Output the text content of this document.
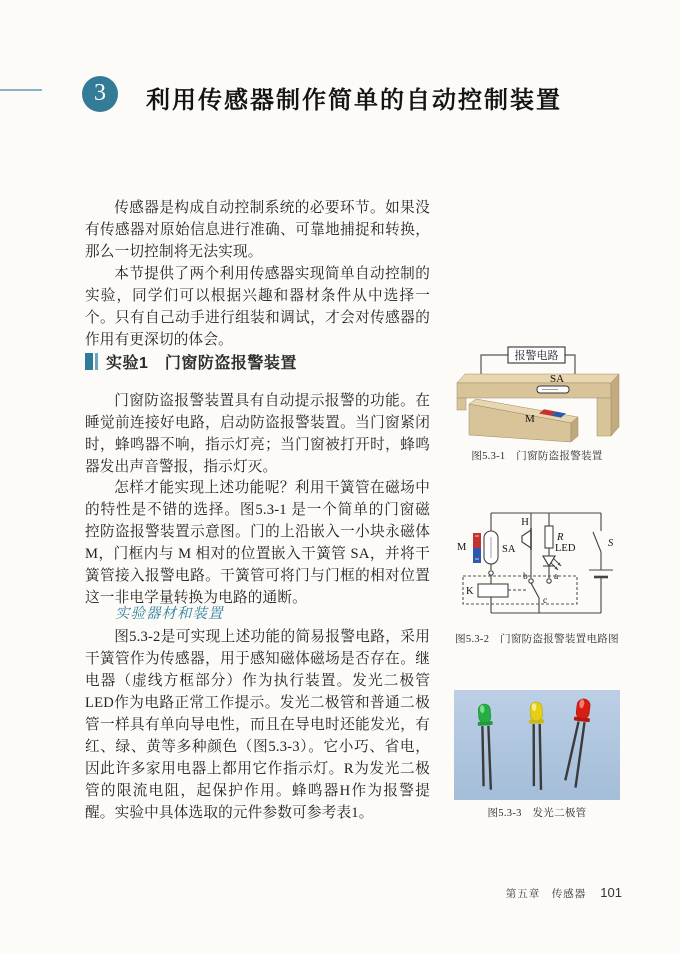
3	利用传感器制作简单的自动控制装置

传感器是构成自动控制系统的必要环节。如果没有传感器对原始信息进行准确、可靠地捕捉和转换，那么一切控制将无法实现。

本节提供了两个利用传感器实现简单自动控制的实验，同学们可以根据兴趣和器材条件从中选择一个。只有自己动手进行组装和调试，才会对传感器的作用有更深切的体会。

实验1　门窗防盗报警装置

门窗防盗报警装置具有自动提示报警的功能。在睡觉前连接好电路，启动防盗报警装置。当门窗紧闭时，蜂鸣器不响，指示灯亮；当门窗被打开时，蜂鸣器发出声音警报，指示灯灭。

怎样才能实现上述功能呢？利用干簧管在磁场中的特性是不错的选择。图5.3-1 是一个简单的门窗磁控防盗报警装置示意图。门的上沿嵌入一小块永磁体 M，门框内与 M 相对的位置嵌入干簧管 SA，并将干簧管接入报警电路。干簧管可将门与门框的相对位置这一非电学量转换为电路的通断。

实验器材和装置

图5.3-2是可实现上述功能的简易报警电路，采用干簧管作为传感器，用于感知磁体磁场是否存在。继电器（虚线方框部分）作为执行装置。发光二极管LED作为电路正常工作提示。发光二极管和普通二极管一样具有单向导电性，而且在导电时还能发光，有红、绿、黄等多种颜色（图5.3-3）。它小巧、省电，因此许多家用电器上都用它作指示灯。R为发光二极管的限流电阻，起保护作用。蜂鸣器H作为报警提醒。实验中具体选取的元件参数可参考表1。

报警电路
SA
M
图5.3-1　门窗防盗报警装置
M	SA
H
R
LED	S
K
b	a
c
图5.3-2　门窗防盗报警装置电路图
图5.3-3　发光二极管
第五章　传感器 101
